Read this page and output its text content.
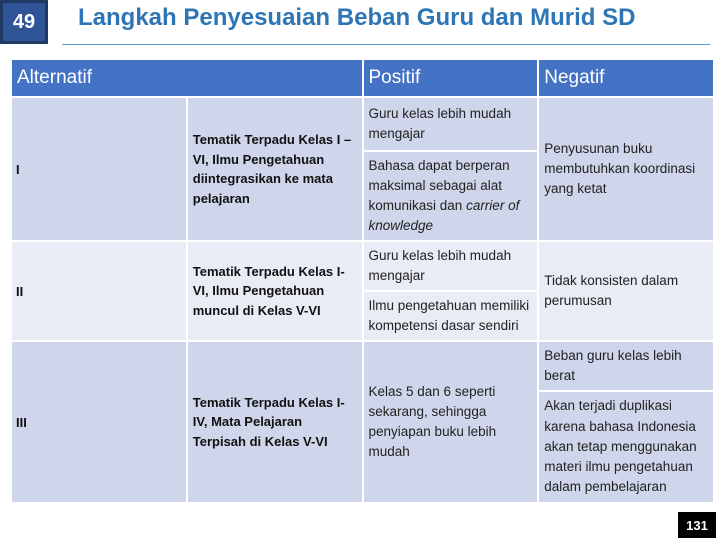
49	Langkah Penyesuaian Beban Guru dan Murid SD
Alternatif		Positif	Negatif
I	Tematik Terpadu Kelas I – VI, Ilmu Pengetahuan diintegrasikan ke mata pelajaran	Guru kelas lebih mudah mengajar	Penyusunan buku membutuhkan koordinasi yang ketat
		Bahasa dapat berperan maksimal sebagai alat komunikasi dan carrier of knowledge	
II	Tematik Terpadu Kelas I-VI, Ilmu Pengetahuan muncul di Kelas V-VI	Guru kelas lebih mudah mengajar	Tidak konsisten dalam perumusan
		Ilmu pengetahuan memiliki kompetensi dasar sendiri	
III	Tematik Terpadu Kelas I-IV, Mata Pelajaran Terpisah di Kelas V-VI	Kelas 5 dan 6 seperti sekarang, sehingga penyiapan buku lebih mudah	Beban guru kelas lebih berat
			Akan terjadi duplikasi karena bahasa Indonesia akan tetap menggunakan materi ilmu pengetahuan dalam pembelajaran
131
